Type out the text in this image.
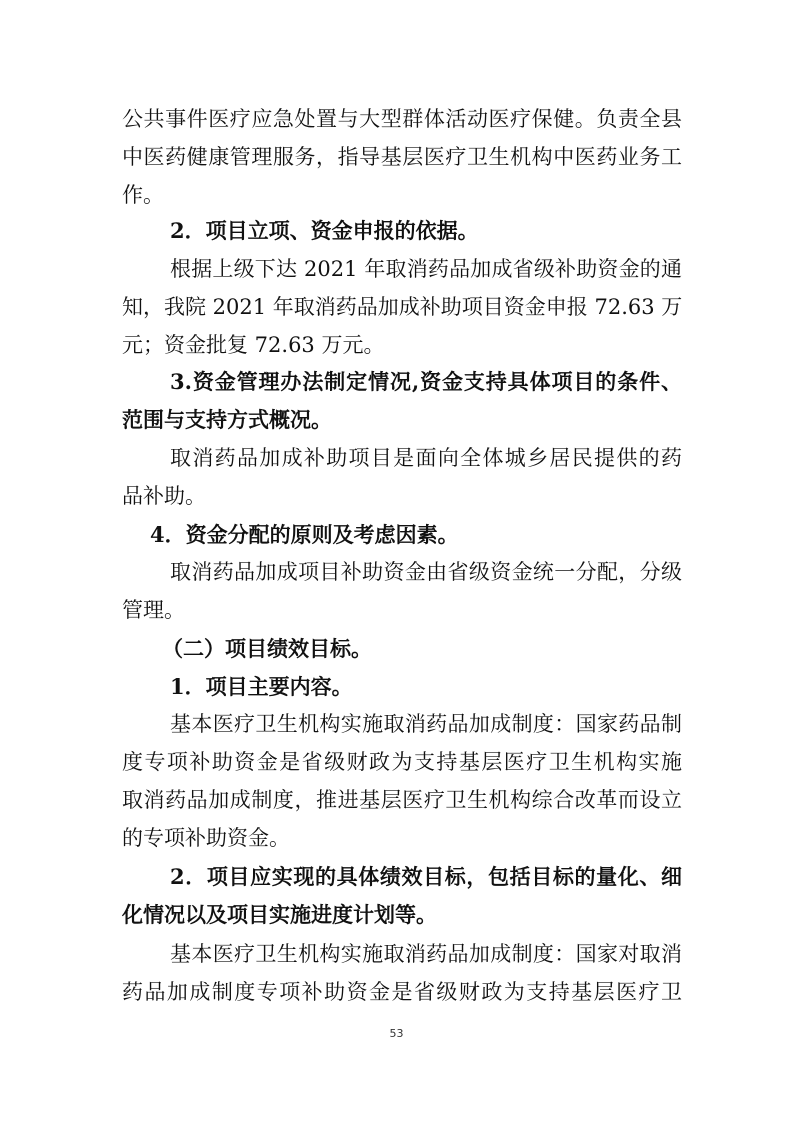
公共事件医疗应急处置与大型群体活动医疗保健。负责全县
中医药健康管理服务，指导基层医疗卫生机构中医药业务工
作。
2．项目立项、资金申报的依据。
根据上级下达 2021 年取消药品加成省级补助资金的通
知，我院 2021 年取消药品加成补助项目资金申报 72.63 万
元；资金批复 72.63 万元。
3.资金管理办法制定情况,资金支持具体项目的条件、
范围与支持方式概况。
取消药品加成补助项目是面向全体城乡居民提供的药
品补助。
4．资金分配的原则及考虑因素。
取消药品加成项目补助资金由省级资金统一分配，分级
管理。
（二）项目绩效目标。
1．项目主要内容。
基本医疗卫生机构实施取消药品加成制度：国家药品制
度专项补助资金是省级财政为支持基层医疗卫生机构实施
取消药品加成制度，推进基层医疗卫生机构综合改革而设立
的专项补助资金。
2．项目应实现的具体绩效目标，包括目标的量化、细
化情况以及项目实施进度计划等。
基本医疗卫生机构实施取消药品加成制度：国家对取消
药品加成制度专项补助资金是省级财政为支持基层医疗卫
53
